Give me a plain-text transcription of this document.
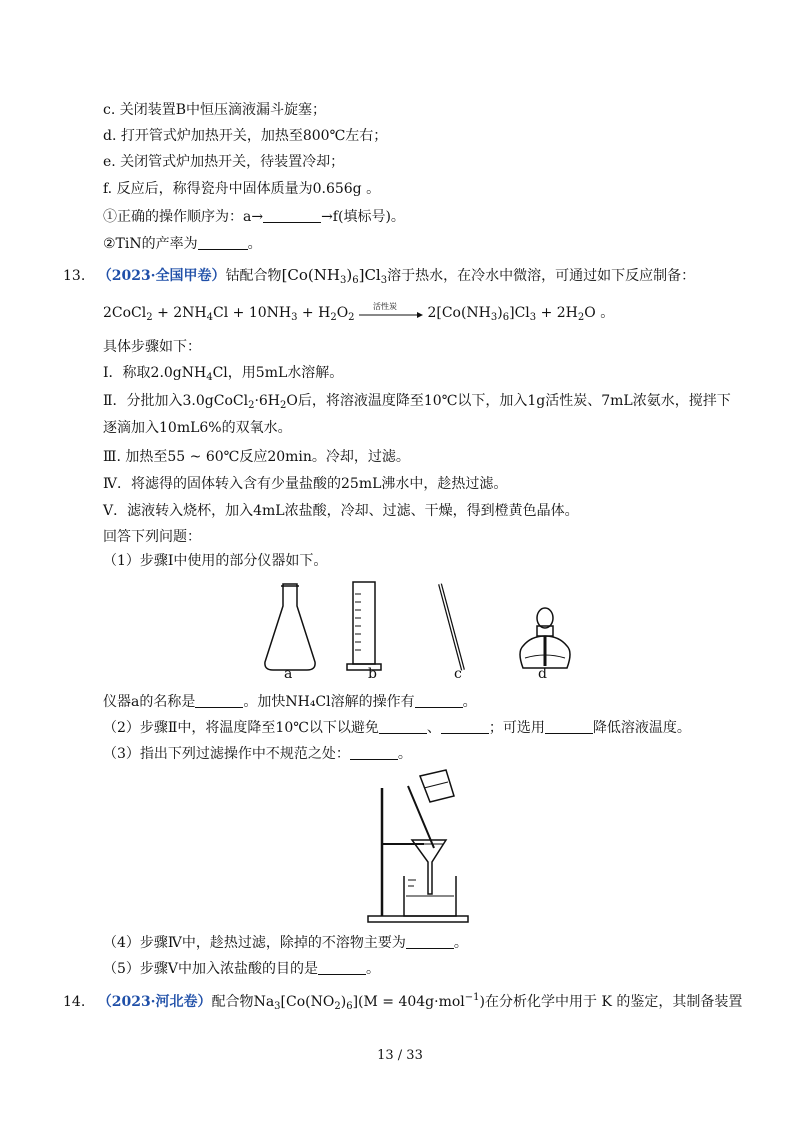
c. 关闭装置B中恒压滴液漏斗旋塞；
d. 打开管式炉加热开关，加热至800℃左右；
e. 关闭管式炉加热开关，待装置冷却；
f. 反应后，称得瓷舟中固体质量为0.656g 。
①正确的操作顺序为：a→	→f(填标号)。
②TiN的产率为	。
13. （2023·全国甲卷）钴配合物$[Co(NH_3)_6]Cl_3$溶于热水，在冷水中微溶，可通过如下反应制备：
2CoCl$_2$ + $2NH_4Cl + 10NH_3 + H_2O_2$
活性炭 $2[Co(NH_3)_6]Cl_3 + 2H_2O$ 。
具体步骤如下：
Ⅰ．称取2.0gNH$_4$Cl，用5mL水溶解。
Ⅱ．分批加入$3.0gCoCl_2\cdot 6H_2O$后，将溶液温度降至10℃以下，加入1g活性炭、7mL浓氨水，搅拌下
逐滴加入10mL6%的双氧水。
Ⅲ. 加热至55 ~ 60℃反应20min。冷却，过滤。
Ⅳ．将滤得的固体转入含有少量盐酸的25mL沸水中，趁热过滤。
Ⅴ．滤液转入烧杯，加入4mL浓盐酸，冷却、过滤、干燥，得到橙黄色晶体。
回答下列问题：
（1）步骤Ⅰ中使用的部分仪器如下。
a	b	c	d
仪器a的名称是	。加快NH₄Cl溶解的操作有	。
（2）步骤Ⅱ中，将温度降至10℃以下以避免	、	；可选用	降低溶液温度。
（3）指出下列过滤操作中不规范之处：	。
（4）步骤Ⅳ中，趁热过滤，除掉的不溶物主要为	。
（5）步骤Ⅴ中加入浓盐酸的目的是	。
14. （2023·河北卷）配合物$Na_3[Co(NO_2)_6](M = 404g\cdot mol^{-1})$在分析化学中用于 K 的鉴定，其制备装置
13 / 33
